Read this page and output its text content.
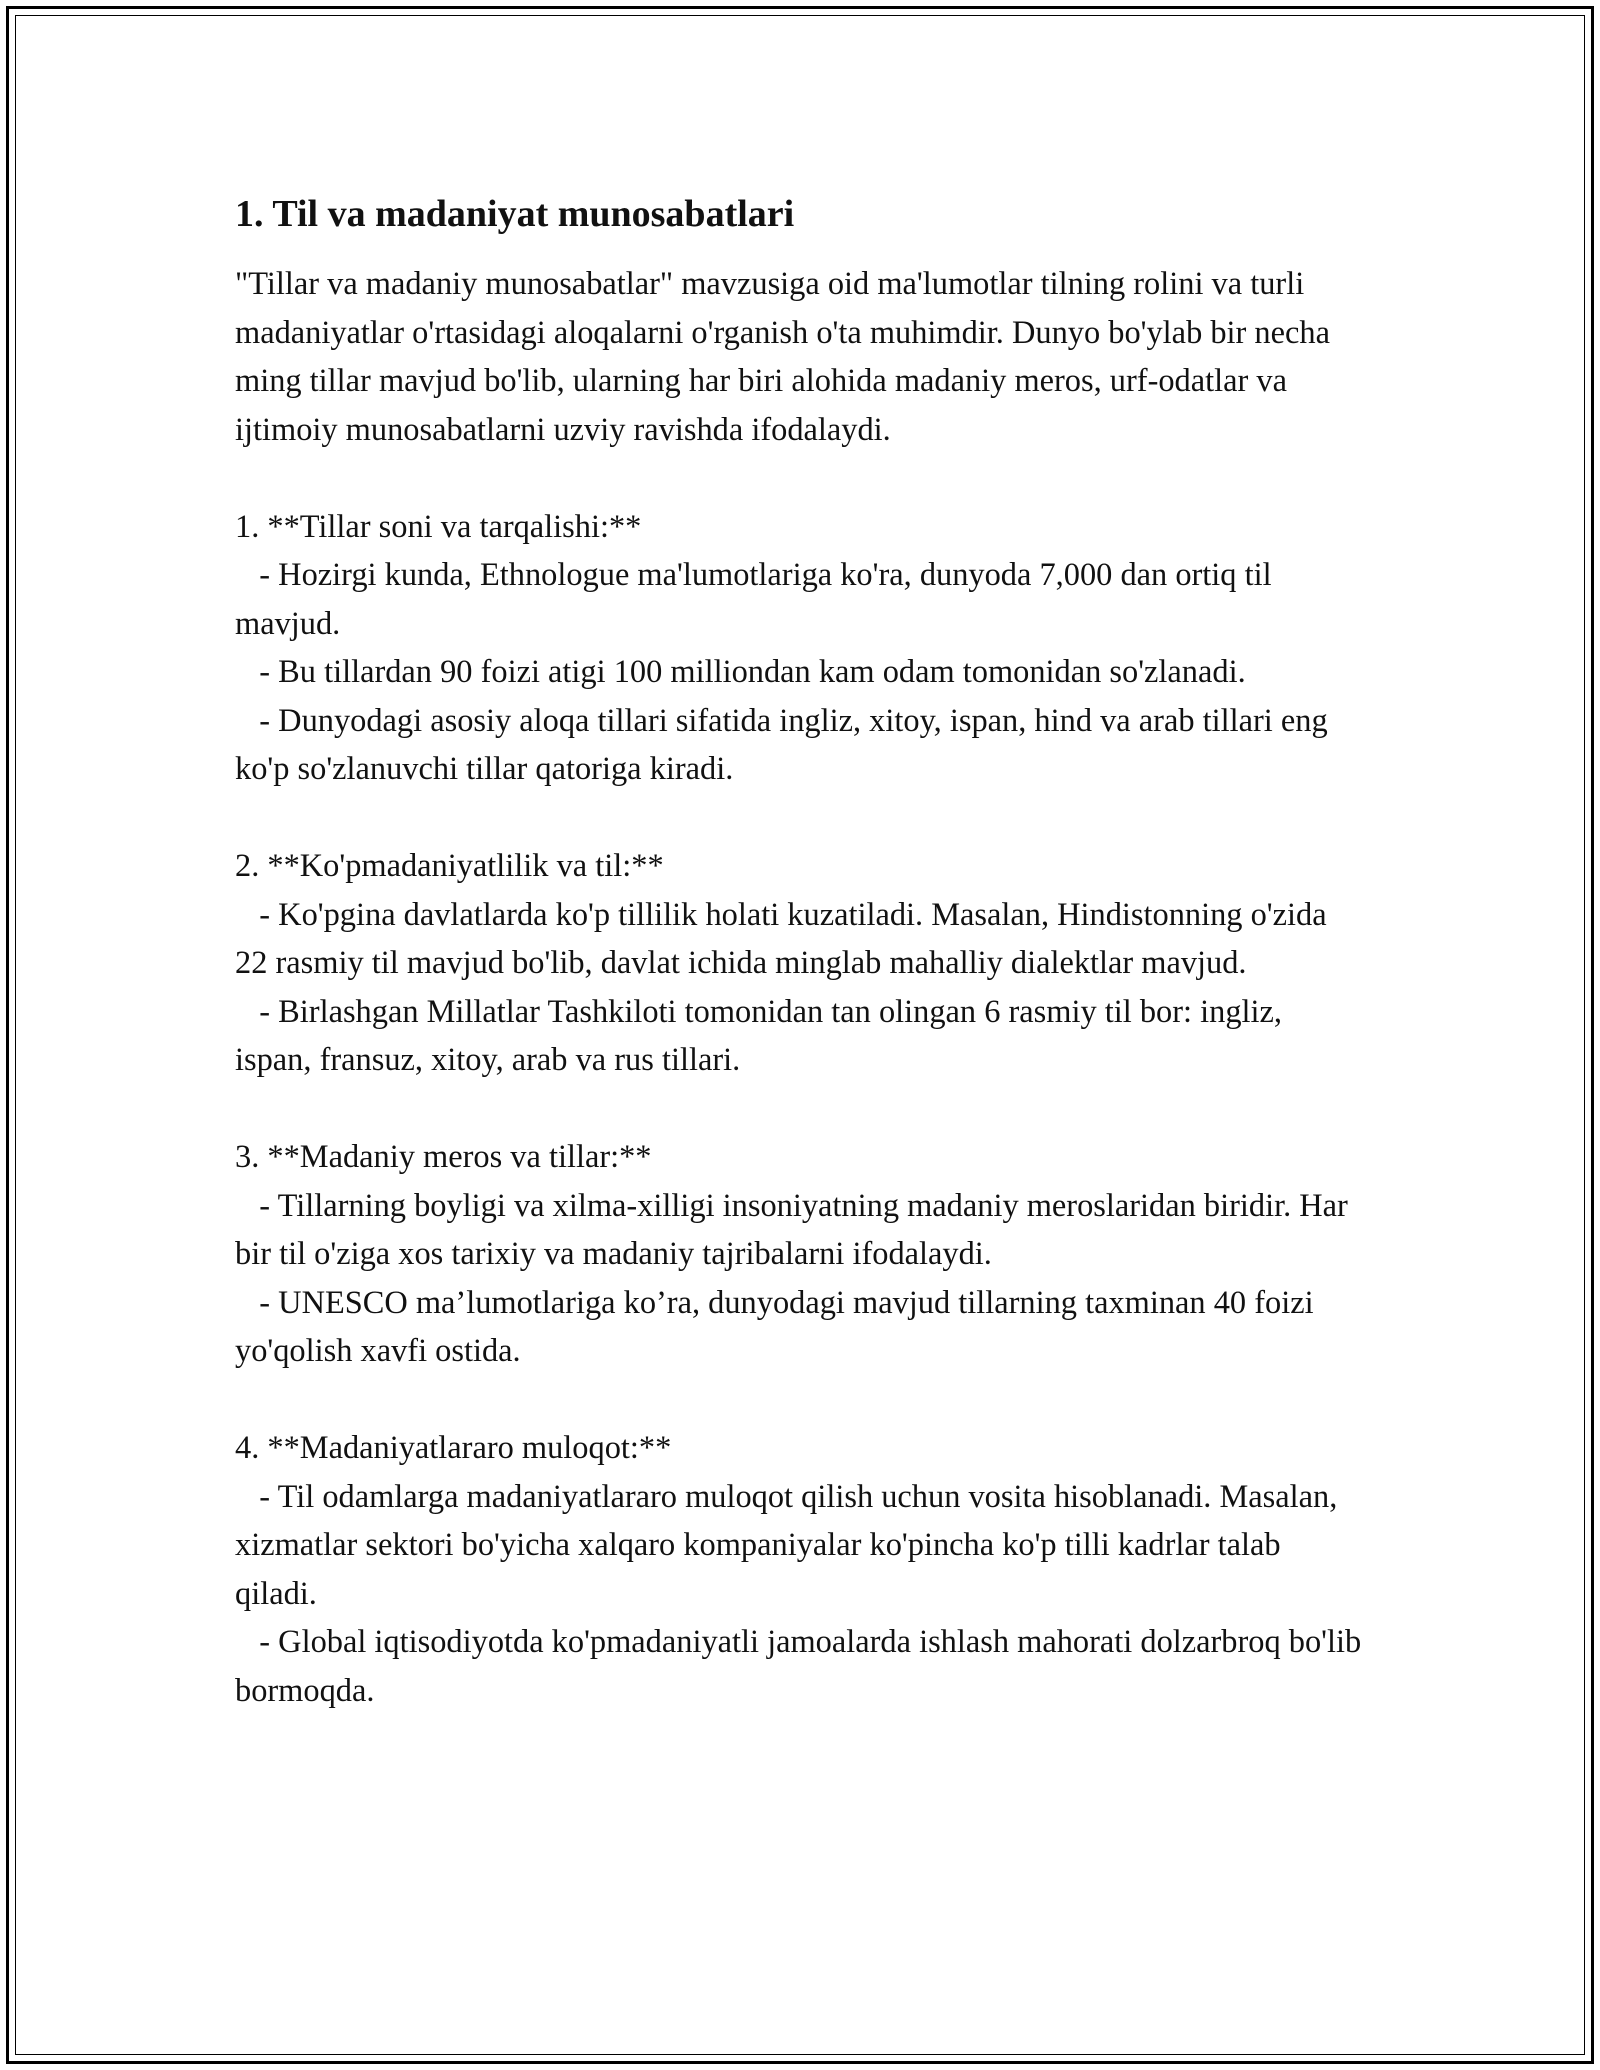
1. Til va madaniyat munosabatlari

"Tillar va madaniy munosabatlar" mavzusiga oid ma'lumotlar tilning rolini va turli madaniyatlar o'rtasidagi aloqalarni o'rganish o'ta muhimdir. Dunyo bo'ylab bir necha ming tillar mavjud bo'lib, ularning har biri alohida madaniy meros, urf-odatlar va ijtimoiy munosabatlarni uzviy ravishda ifodalaydi.

1. **Tillar soni va tarqalishi:**
- Hozirgi kunda, Ethnologue ma'lumotlariga ko'ra, dunyoda 7,000 dan ortiq til mavjud.
- Bu tillardan 90 foizi atigi 100 milliondan kam odam tomonidan so'zlanadi.
- Dunyodagi asosiy aloqa tillari sifatida ingliz, xitoy, ispan, hind va arab tillari eng ko'p so'zlanuvchi tillar qatoriga kiradi.
2. **Ko'pmadaniyatlilik va til:**
- Ko'pgina davlatlarda ko'p tillilik holati kuzatiladi. Masalan, Hindistonning o'zida 22 rasmiy til mavjud bo'lib, davlat ichida minglab mahalliy dialektlar mavjud.
- Birlashgan Millatlar Tashkiloti tomonidan tan olingan 6 rasmiy til bor: ingliz, ispan, fransuz, xitoy, arab va rus tillari.
3. **Madaniy meros va tillar:**
- Tillarning boyligi va xilma-xilligi insoniyatning madaniy meroslaridan biridir. Har bir til o'ziga xos tarixiy va madaniy tajribalarni ifodalaydi.
- UNESCO ma’lumotlariga ko’ra, dunyodagi mavjud tillarning taxminan 40 foizi yo'qolish xavfi ostida.
4. **Madaniyatlararo muloqot:**
- Til odamlarga madaniyatlararo muloqot qilish uchun vosita hisoblanadi. Masalan, xizmatlar sektori bo'yicha xalqaro kompaniyalar ko'pincha ko'p tilli kadrlar talab qiladi.
- Global iqtisodiyotda ko'pmadaniyatli jamoalarda ishlash mahorati dolzarbroq bo'lib bormoqda.
